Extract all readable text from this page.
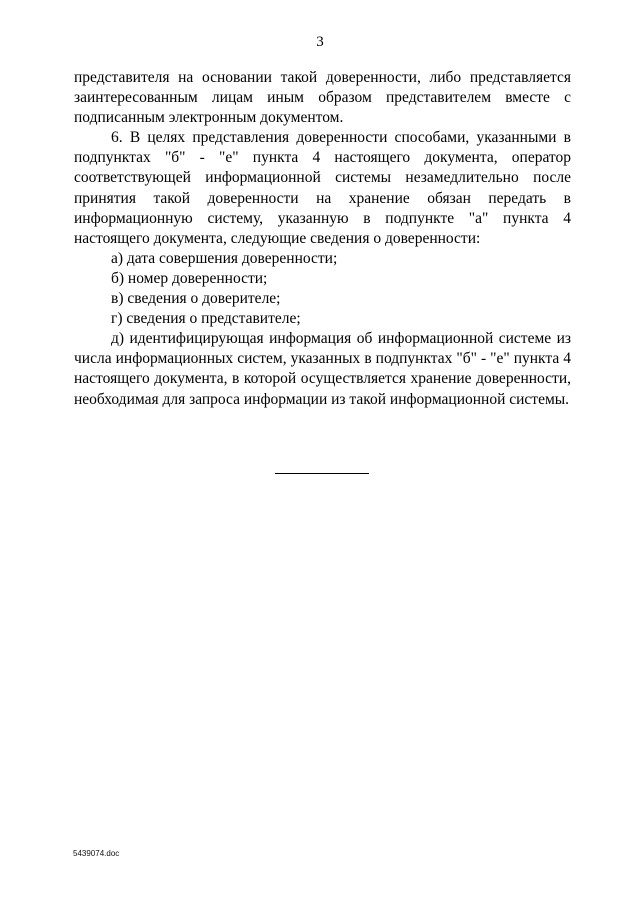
3

представителя на основании такой доверенности, либо представляется заинтересованным лицам иным образом представителем вместе с подписанным электронным документом.

6. В целях представления доверенности способами, указанными в подпунктах "б" - "е" пункта 4 настоящего документа, оператор соответствующей информационной системы незамедлительно после принятия такой доверенности на хранение обязан передать в информационную систему, указанную в подпункте "а" пункта 4 настоящего документа, следующие сведения о доверенности:

а) дата совершения доверенности;

б) номер доверенности;

в) сведения о доверителе;

г) сведения о представителе;

д) идентифицирующая информация об информационной системе из числа информационных систем, указанных в подпунктах "б" - "е" пункта 4 настоящего документа, в которой осуществляется хранение доверенности, необходимая для запроса информации из такой информационной системы.

5439074.doc
